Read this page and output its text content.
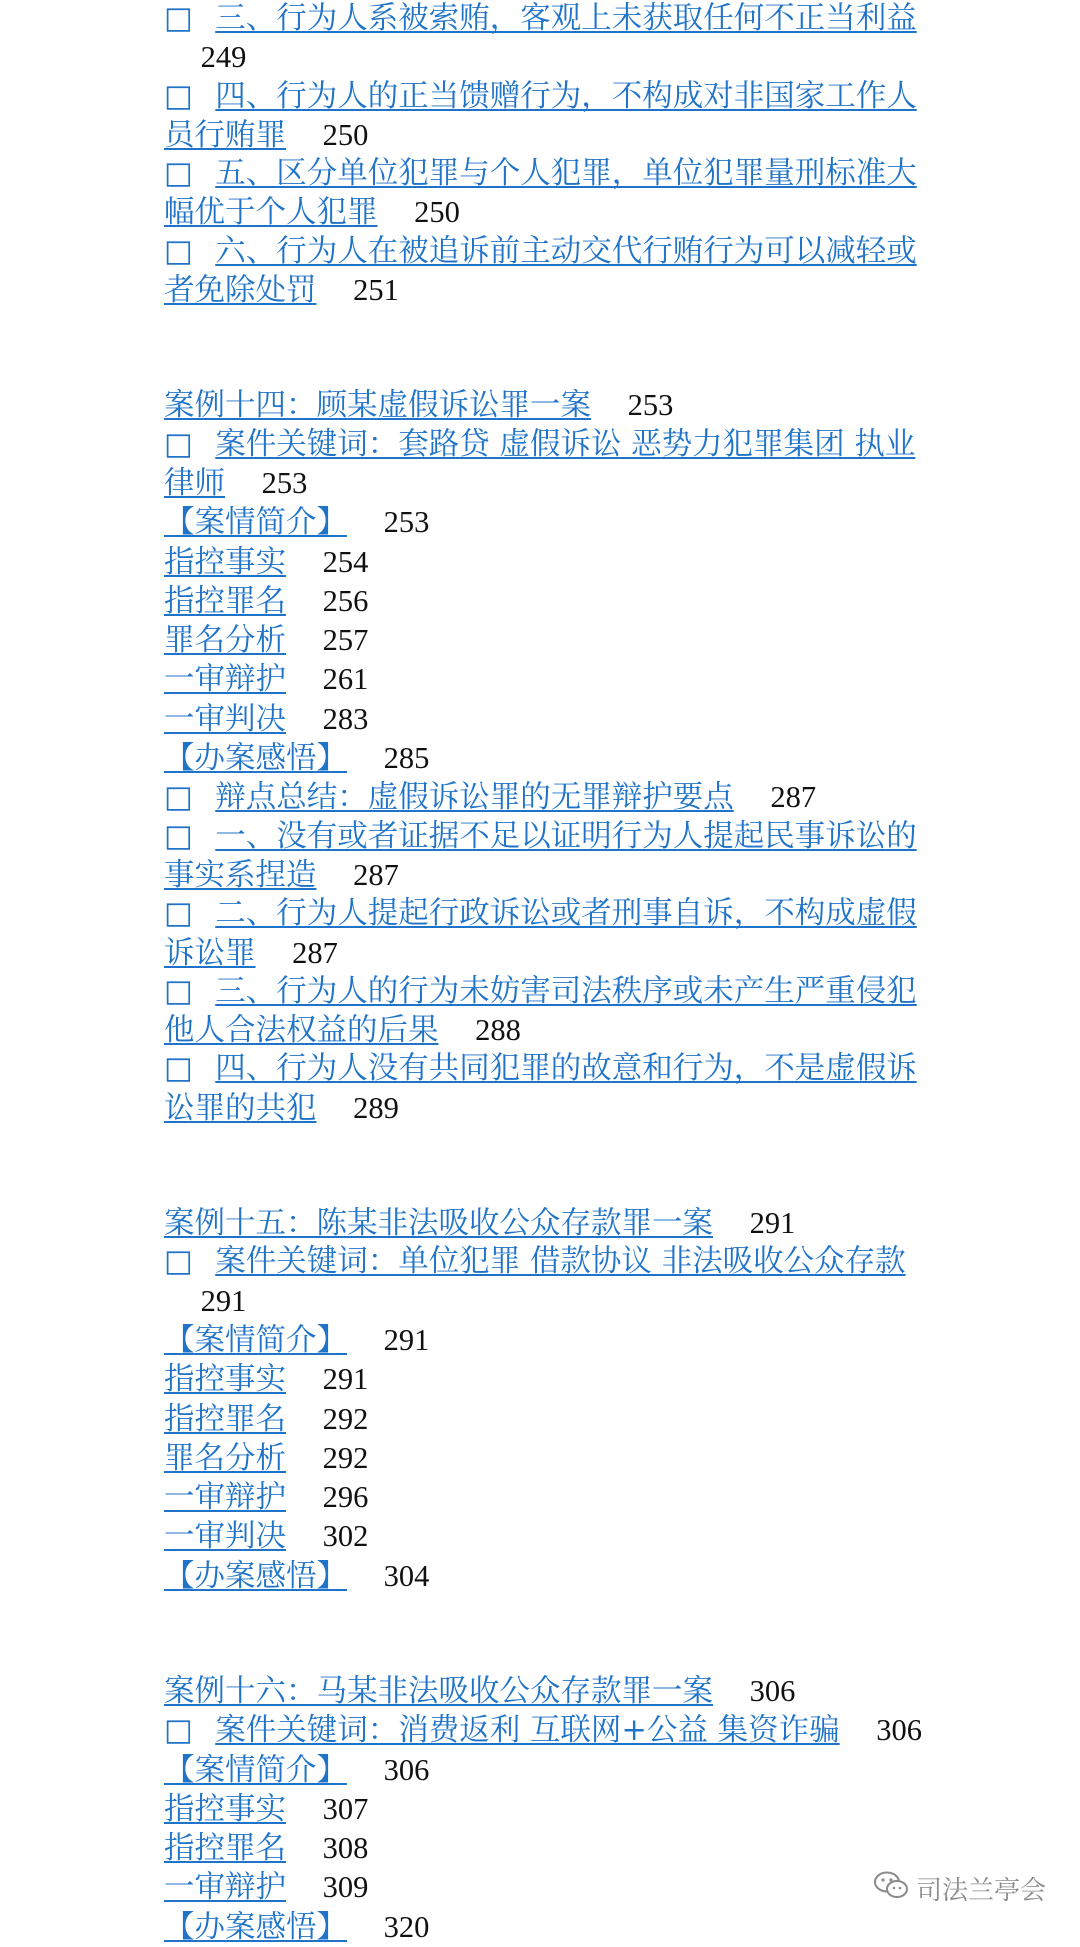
□ 三、行为人系被索贿，客观上未获取任何不正当利益249
□ 四、行为人的正当馈赠行为，不构成对非国家工作人员行贿罪 250
□ 五、区分单位犯罪与个人犯罪，单位犯罪量刑标准大幅优于个人犯罪 250
□ 六、行为人在被追诉前主动交代行贿行为可以减轻或者免除处罚 251
案例十四：顾某虚假诉讼罪一案 253
□ 案件关键词：套路贷 虚假诉讼 恶势力犯罪集团 执业律师 253
【案情简介】 253
指控事实 254
指控罪名 256
罪名分析 257
一审辩护 261
一审判决 283
【办案感悟】 285
□ 辩点总结：虚假诉讼罪的无罪辩护要点 287
□ 一、没有或者证据不足以证明行为人提起民事诉讼的事实系捏造 287
□ 二、行为人提起行政诉讼或者刑事自诉，不构成虚假诉讼罪 287
□ 三、行为人的行为未妨害司法秩序或未产生严重侵犯他人合法权益的后果 288
□ 四、行为人没有共同犯罪的故意和行为，不是虚假诉讼罪的共犯 289
案例十五：陈某非法吸收公众存款罪一案 291
□ 案件关键词：单位犯罪 借款协议 非法吸收公众存款291
【案情简介】 291
指控事实 291
指控罪名 292
罪名分析 292
一审辩护 296
一审判决 302
【办案感悟】 304
案例十六：马某非法吸收公众存款罪一案 306
□ 案件关键词：消费返利 互联网+公益 集资诈骗 306
【案情简介】 306
指控事实 307
指控罪名 308
一审辩护 309
【办案感悟】 320
司法兰亭会
